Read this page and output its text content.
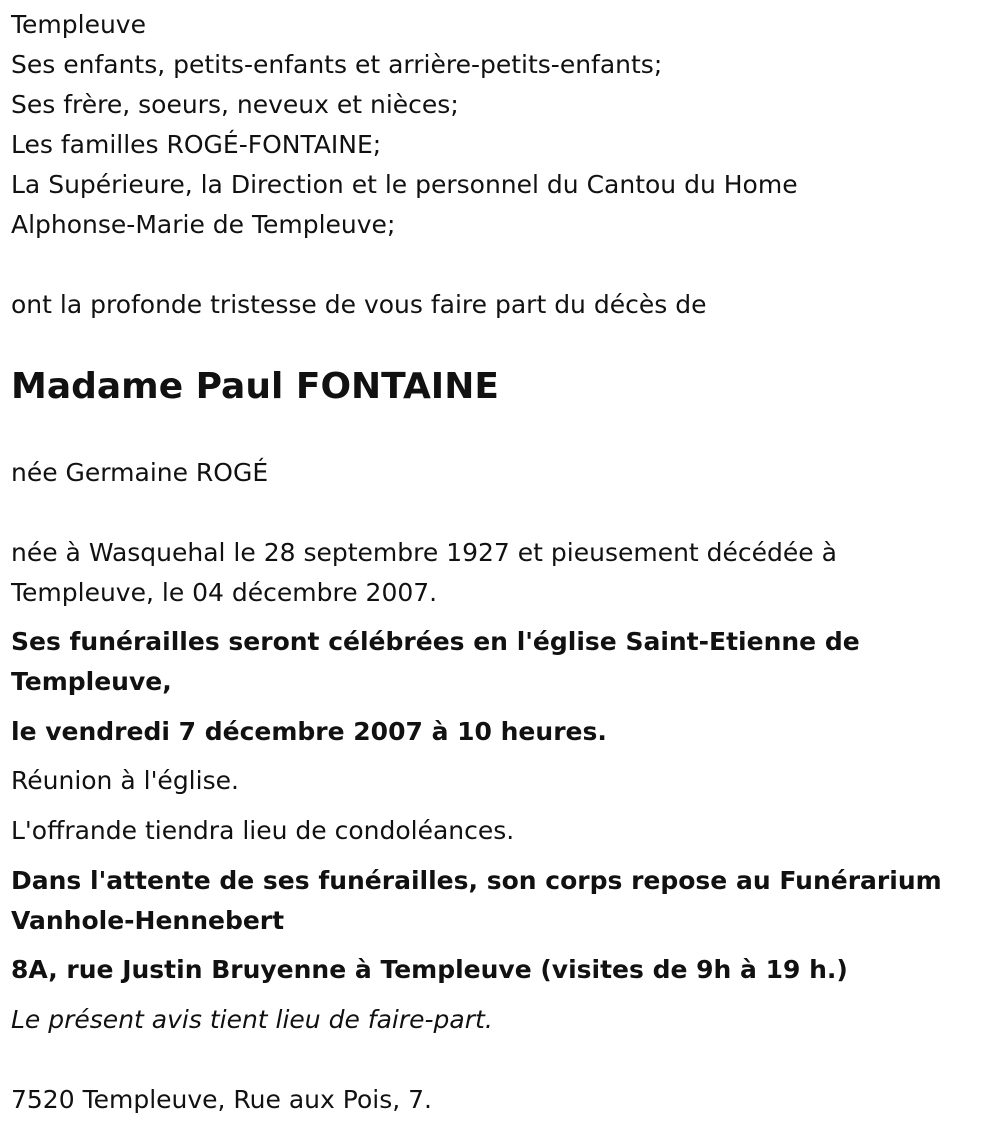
Templeuve
Ses enfants, petits-enfants et arrière-petits-enfants;
Ses frère, soeurs, neveux et nièces;
Les familles ROGÉ-FONTAINE;
La Supérieure, la Direction et le personnel du Cantou du Home
Alphonse-Marie de Templeuve;
ont la profonde tristesse de vous faire part du décès de
Madame Paul FONTAINE
née Germaine ROGÉ
née à Wasquehal le 28 septembre 1927 et pieusement décédée à
Templeuve, le 04 décembre 2007.
Ses funérailles seront célébrées en l'église Saint-Etienne de
Templeuve,
le vendredi 7 décembre 2007 à 10 heures.
Réunion à l'église.
L'offrande tiendra lieu de condoléances.
Dans l'attente de ses funérailles, son corps repose au Funérarium
Vanhole-Hennebert
8A, rue Justin Bruyenne à Templeuve (visites de 9h à 19 h.)
Le présent avis tient lieu de faire-part.
7520 Templeuve, Rue aux Pois, 7.
